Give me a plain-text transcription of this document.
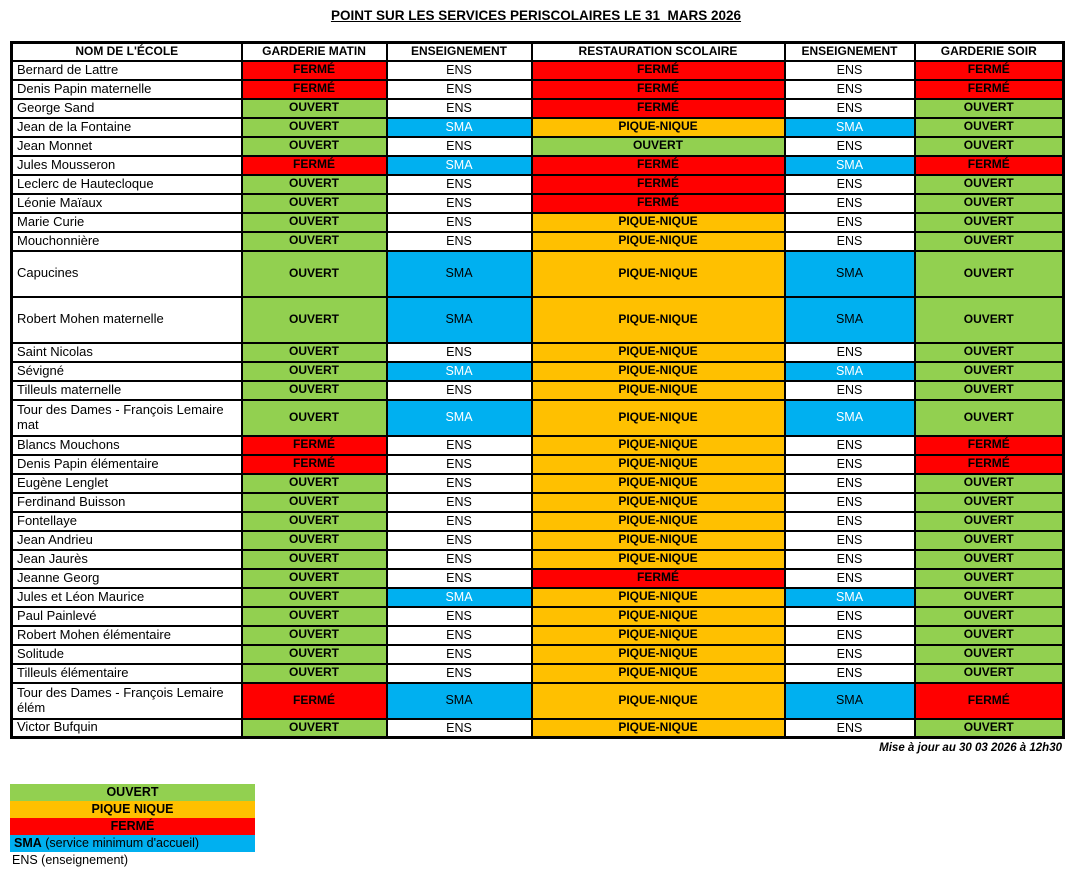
POINT SUR LES SERVICES PERISCOLAIRES LE 31  MARS 2026
NOM DE L'ÉCOLE	GARDERIE MATIN	ENSEIGNEMENT	RESTAURATION SCOLAIRE	ENSEIGNEMENT	GARDERIE SOIR
Bernard de Lattre	FERMÉ	ENS	FERMÉ	ENS	FERMÉ
Denis Papin maternelle	FERMÉ	ENS	FERMÉ	ENS	FERMÉ
George Sand	OUVERT	ENS	FERMÉ	ENS	OUVERT
Jean de la Fontaine	OUVERT	SMA	PIQUE-NIQUE	SMA	OUVERT
Jean Monnet	OUVERT	ENS	OUVERT	ENS	OUVERT
Jules Mousseron	FERMÉ	SMA	FERMÉ	SMA	FERMÉ
Leclerc de Hautecloque	OUVERT	ENS	FERMÉ	ENS	OUVERT
Léonie Maïaux	OUVERT	ENS	FERMÉ	ENS	OUVERT
Marie Curie	OUVERT	ENS	PIQUE-NIQUE	ENS	OUVERT
Mouchonnière	OUVERT	ENS	PIQUE-NIQUE	ENS	OUVERT
Capucines	OUVERT	SMA	PIQUE-NIQUE	SMA	OUVERT
Robert Mohen maternelle	OUVERT	SMA	PIQUE-NIQUE	SMA	OUVERT
Saint Nicolas	OUVERT	ENS	PIQUE-NIQUE	ENS	OUVERT
Sévigné	OUVERT	SMA	PIQUE-NIQUE	SMA	OUVERT
Tilleuls maternelle	OUVERT	ENS	PIQUE-NIQUE	ENS	OUVERT
Tour des Dames - François Lemaire mat	OUVERT	SMA	PIQUE-NIQUE	SMA	OUVERT
Blancs Mouchons	FERMÉ	ENS	PIQUE-NIQUE	ENS	FERMÉ
Denis Papin élémentaire	FERMÉ	ENS	PIQUE-NIQUE	ENS	FERMÉ
Eugène Lenglet	OUVERT	ENS	PIQUE-NIQUE	ENS	OUVERT
Ferdinand Buisson	OUVERT	ENS	PIQUE-NIQUE	ENS	OUVERT
Fontellaye	OUVERT	ENS	PIQUE-NIQUE	ENS	OUVERT
Jean Andrieu	OUVERT	ENS	PIQUE-NIQUE	ENS	OUVERT
Jean Jaurès	OUVERT	ENS	PIQUE-NIQUE	ENS	OUVERT
Jeanne Georg	OUVERT	ENS	FERMÉ	ENS	OUVERT
Jules et Léon Maurice	OUVERT	SMA	PIQUE-NIQUE	SMA	OUVERT
Paul Painlevé	OUVERT	ENS	PIQUE-NIQUE	ENS	OUVERT
Robert Mohen élémentaire	OUVERT	ENS	PIQUE-NIQUE	ENS	OUVERT
Solitude	OUVERT	ENS	PIQUE-NIQUE	ENS	OUVERT
Tilleuls élémentaire	OUVERT	ENS	PIQUE-NIQUE	ENS	OUVERT
Tour des Dames - François Lemaire élém	FERMÉ	SMA	PIQUE-NIQUE	SMA	FERMÉ
Victor Bufquin	OUVERT	ENS	PIQUE-NIQUE	ENS	OUVERT
Mise à jour au 30 03 2026 à 12h30
OUVERT
PIQUE NIQUE
FERMÉ
SMA (service minimum d'accueil)
ENS (enseignement)
